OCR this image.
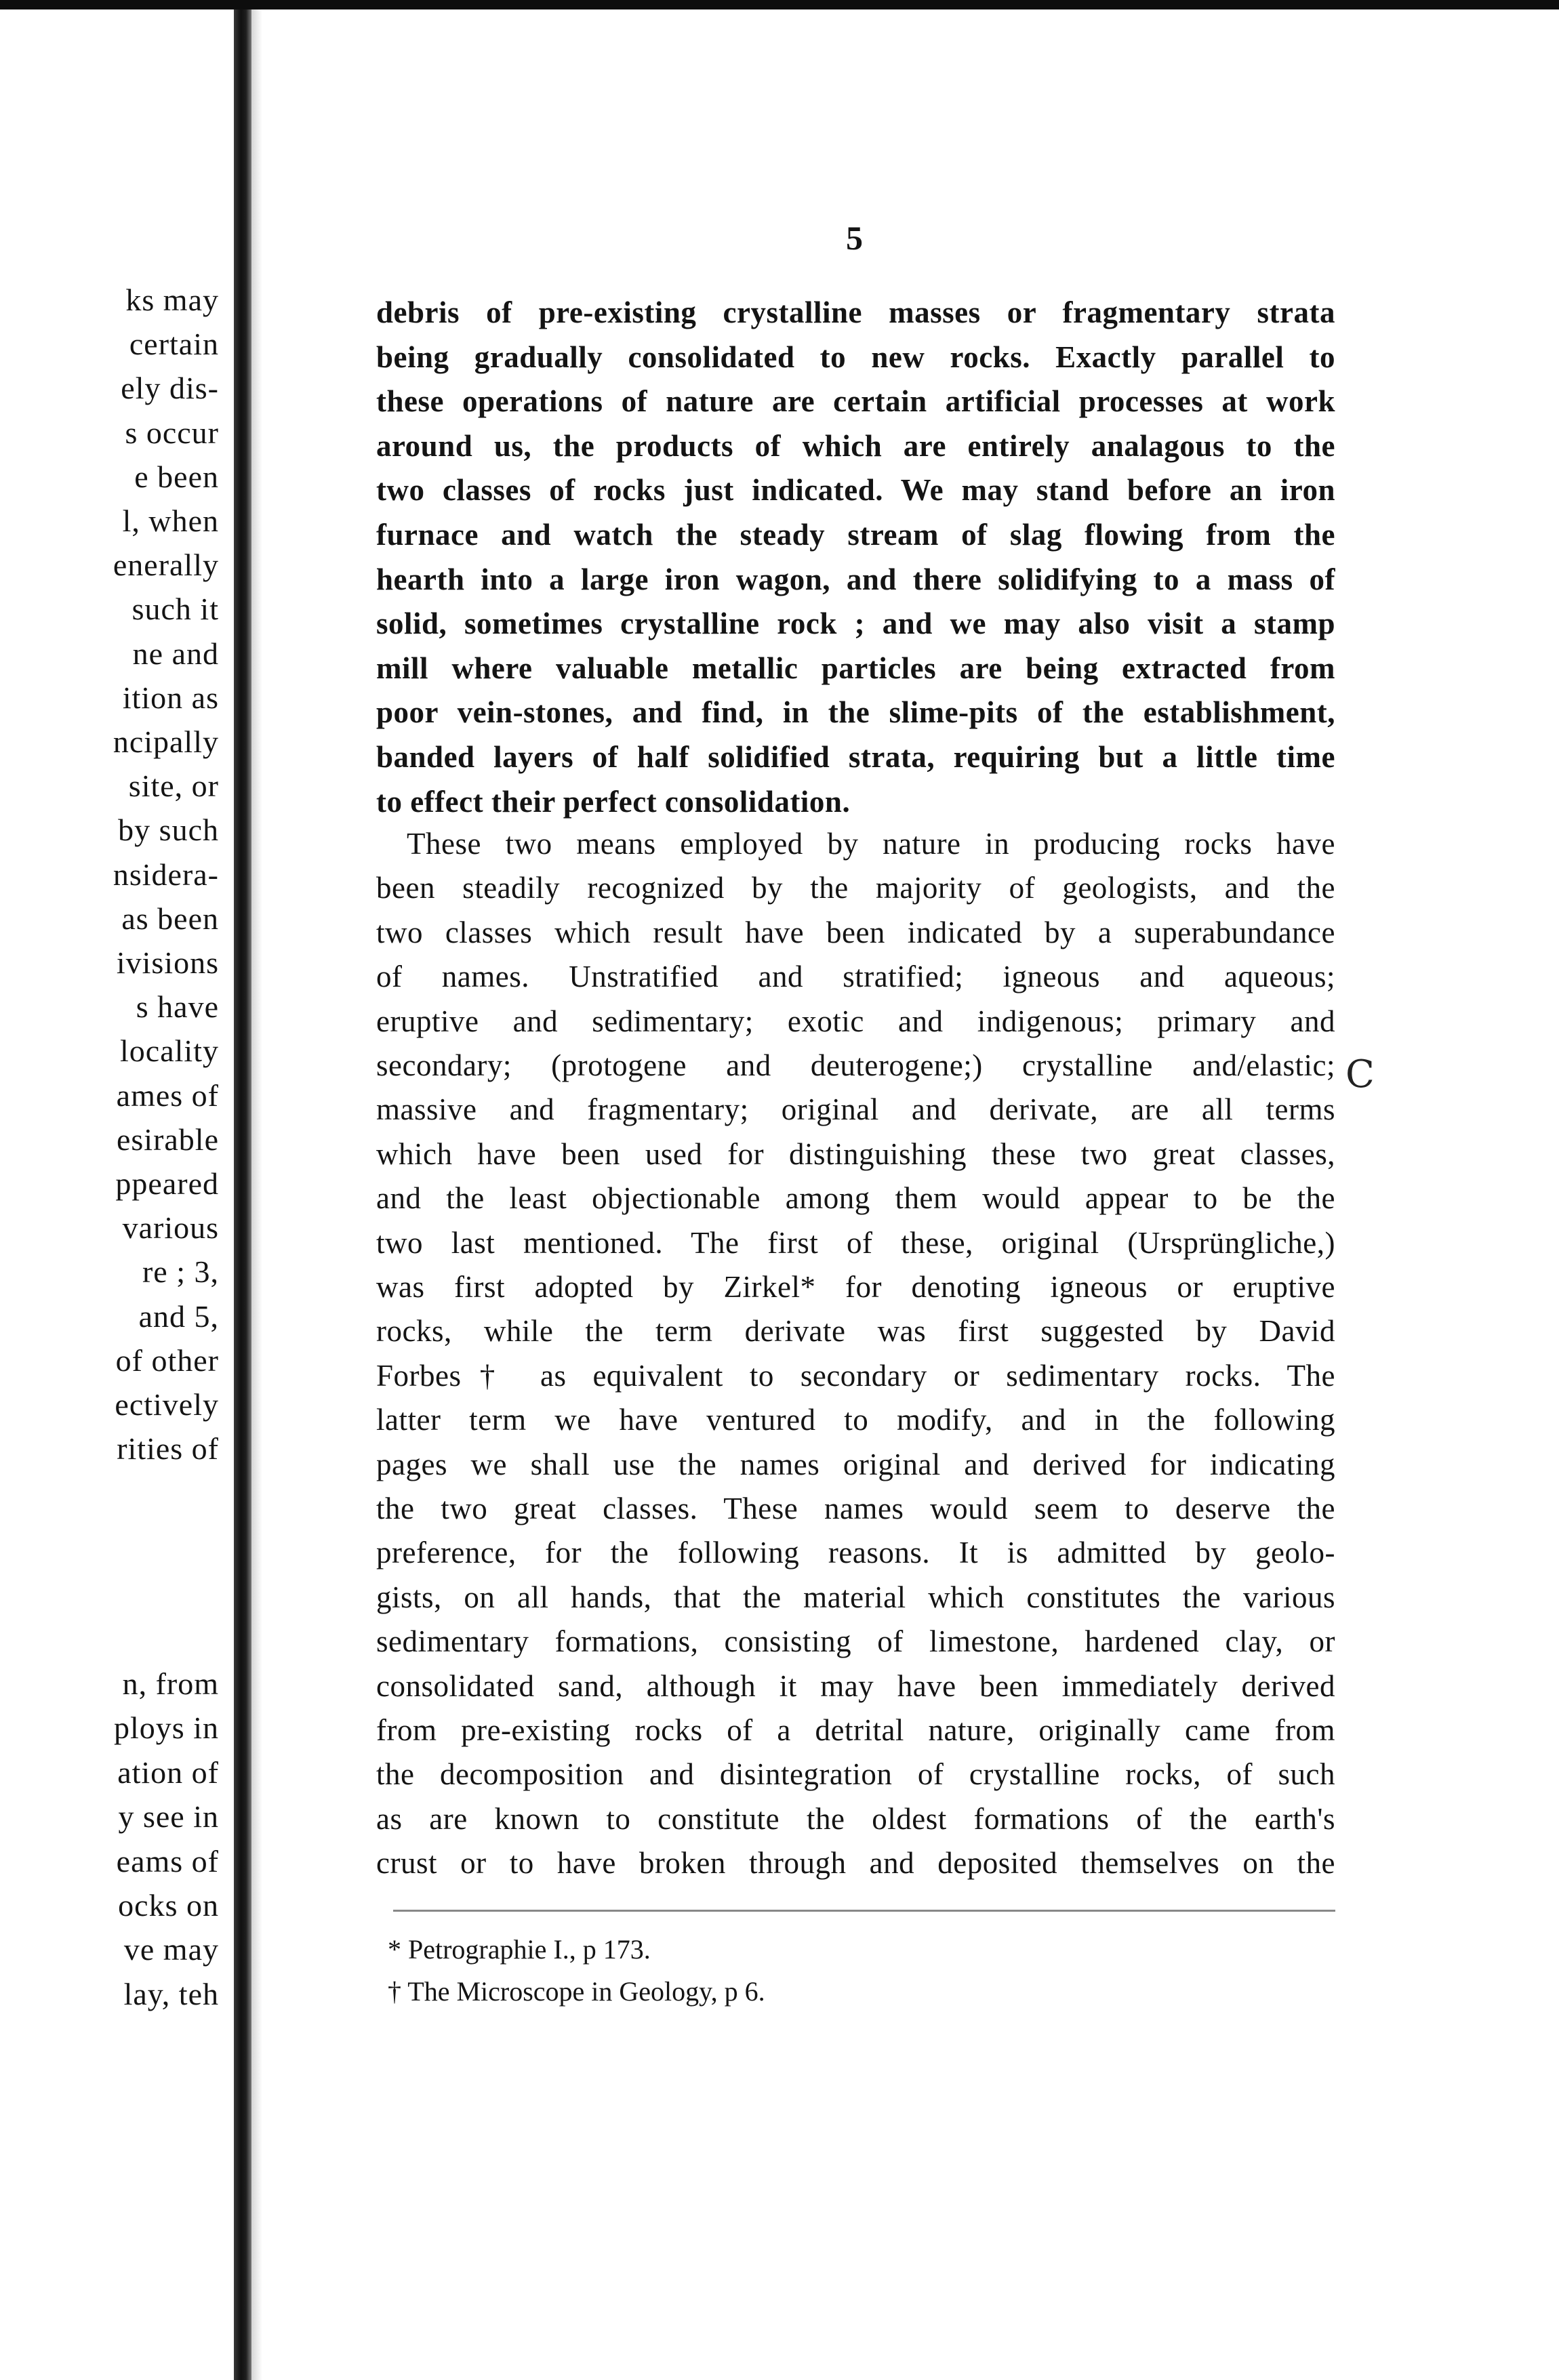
ks may
certain
ely dis-
s occur
e been
l, when
enerally
such it
ne and
ition as
ncipally
site, or
by such
nsidera-
as been
ivisions
s have
locality
ames of
esirable
ppeared
various
re ; 3,
and 5,
of other
ectively
rities of
n, from
ploys in
ation of
y see in
eams of
ocks on
ve may
lay, teh
5
debris of pre-existing crystalline masses or fragmentary strata
being gradually consolidated to new rocks. Exactly parallel to
these operations of nature are certain artificial processes at work
around us, the products of which are entirely analagous to the
two classes of rocks just indicated. We may stand before an iron
furnace and watch the steady stream of slag flowing from the
hearth into a large iron wagon, and there solidifying to a mass of
solid, sometimes crystalline rock ; and we may also visit a stamp
mill where valuable metallic particles are being extracted from
poor vein-stones, and find, in the slime-pits of the establishment,
banded layers of half solidified strata, requiring but a little time
to effect their perfect consolidation.
These two means employed by nature in producing rocks have
been steadily recognized by the majority of geologists, and the
two classes which result have been indicated by a superabundance
of names. Unstratified and stratified; igneous and aqueous;
eruptive and sedimentary; exotic and indigenous; primary and
secondary; (protogene and deuterogene;) crystalline and/elastic;
massive and fragmentary; original and derivate, are all terms
which have been used for distinguishing these two great classes,
and the least objectionable among them would appear to be the
two last mentioned. The first of these, original (Ursprüngliche,)
was first adopted by Zirkel* for denoting igneous or eruptive
rocks, while the term derivate was first suggested by David
Forbes† as equivalent to secondary or sedimentary rocks. The
latter term we have ventured to modify, and in the following
pages we shall use the names original and derived for indicating
the two great classes. These names would seem to deserve the
preference, for the following reasons. It is admitted by geolo-
gists, on all hands, that the material which constitutes the various
sedimentary formations, consisting of limestone, hardened clay, or
consolidated sand, although it may have been immediately derived
from pre-existing rocks of a detrital nature, originally came from
the decomposition and disintegration of crystalline rocks, of such
as are known to constitute the oldest formations of the earth's
crust or to have broken through and deposited themselves on the
C
* Petrographie I., p 173.
† The Microscope in Geology, p 6.
